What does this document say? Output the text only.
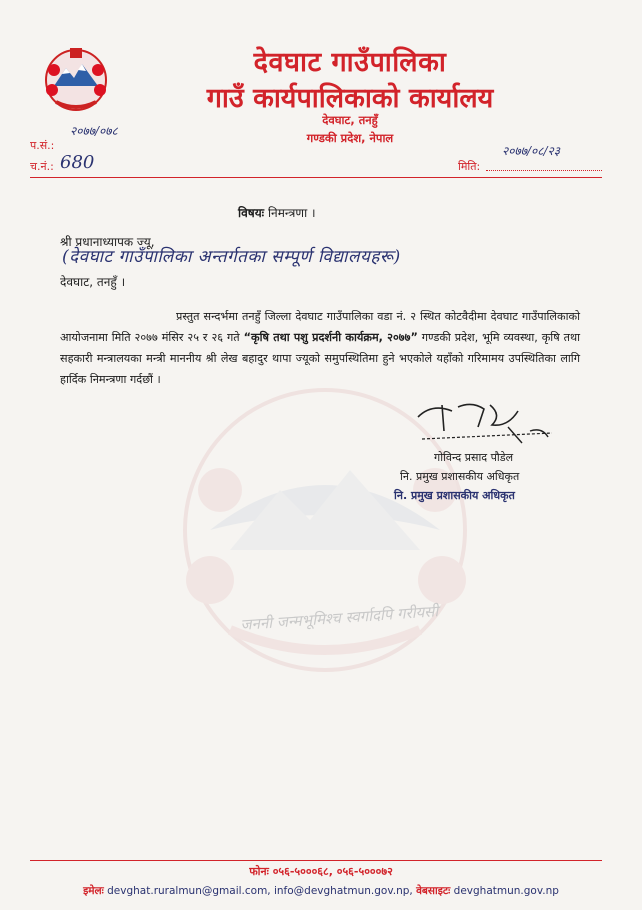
जननी जन्मभूमिश्च स्वर्गादपि गरीयसी
देवघाट गाउँपालिका
गाउँ कार्यपालिकाको कार्यालय
देवघाट, तनहुँ
गण्डकी प्रदेश, नेपाल
२०७७/०७८
प.सं.:
च.नं.: 680
२०७७/०८/२३
मिति:
विषयः निमन्त्रणा ।
श्री प्रधानाध्यापक ज्यू,
(देवघाट गाउँपालिका अन्तर्गतका सम्पूर्ण विद्यालयहरू)
देवघाट, तनहुँ ।
प्रस्तुत सन्दर्भमा तनहुँ जिल्ला देवघाट गाउँपालिका वडा नं. २ स्थित कोटवैदीमा देवघाट गाउँपालिकाको आयोजनामा मिति २०७७ मंसिर २५ र २६ गते “कृषि तथा पशु प्रदर्शनी कार्यक्रम, २०७७” गण्डकी प्रदेश, भूमि व्यवस्था, कृषि तथा सहकारी मन्त्रालयका मन्त्री माननीय श्री लेख बहादुर थापा ज्यूको समुपस्थितिमा हुने भएकोले यहाँको गरिमामय उपस्थितिका लागि हार्दिक निमन्त्रणा गर्दछौं ।
गोविन्द प्रसाद पौडेल
नि. प्रमुख प्रशासकीय अधिकृत
नि. प्रमुख प्रशासकीय अधिकृत
फोनः ०५६-५०००६८, ०५६-५०००७२
इमेलः devghat.ruralmun@gmail.com, info@devghatmun.gov.np, वेबसाइटः devghatmun.gov.np
